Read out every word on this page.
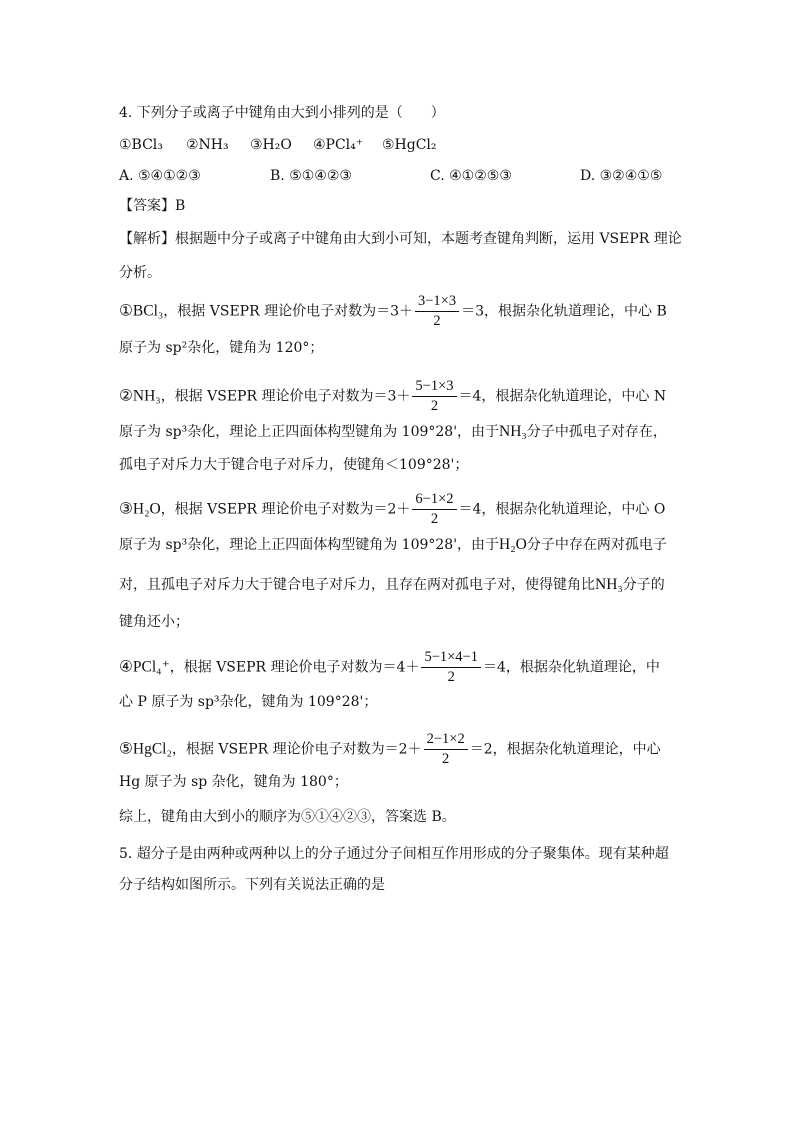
4. 下列分子或离子中键角由大到小排列的是（　　）
①BCl₃ ②NH₃ ③H₂O ④PCl₄⁺ ⑤HgCl₂
A. ⑤④①②③	B. ⑤①④②③	C. ④①②⑤③	D. ③②④①⑤
【答案】B
【解析】根据题中分子或离子中键角由大到小可知，本题考查键角判断，运用 VSEPR 理论
分析。
①BCl₃，根据 VSEPR 理论价电子对数为$=3+ \frac{3-1\times 3}{2} =3$，根据杂化轨道理论，中心 B
原子为 sp²杂化，键角为 120°；
②NH₃，根据 VSEPR 理论价电子对数为$=3+ \frac{5-1\times 3}{2} =4$，根据杂化轨道理论，中心 N
原子为 sp³杂化，理论上正四面体构型键角为 109°28'，由于NH₃分子中孤电子对存在，
孤电子对斥力大于键合电子对斥力，使键角＜109°28'；
③H₂O，根据 VSEPR 理论价电子对数为$=2+ \frac{6-1\times 2}{2} =4$，根据杂化轨道理论，中心 O
原子为 sp³杂化，理论上正四面体构型键角为 109°28'，由于H₂O分子中存在两对孤电子
对，且孤电子对斥力大于键合电子对斥力，且存在两对孤电子对，使得键角比NH₃分子的
键角还小；
④PCl₄⁺，根据 VSEPR 理论价电子对数为$=4+ \frac{5-1\times 4-1}{2} =4$，根据杂化轨道理论，中
心 P 原子为 sp³杂化，键角为 109°28'；
⑤HgCl₂，根据 VSEPR 理论价电子对数为$=2+ \frac{2-1\times 2}{2} =2$，根据杂化轨道理论，中心
Hg 原子为 sp 杂化，键角为 180°；
综上，键角由大到小的顺序为⑤①④②③，答案选 B。
5. 超分子是由两种或两种以上的分子通过分子间相互作用形成的分子聚集体。现有某种超
分子结构如图所示。下列有关说法正确的是
